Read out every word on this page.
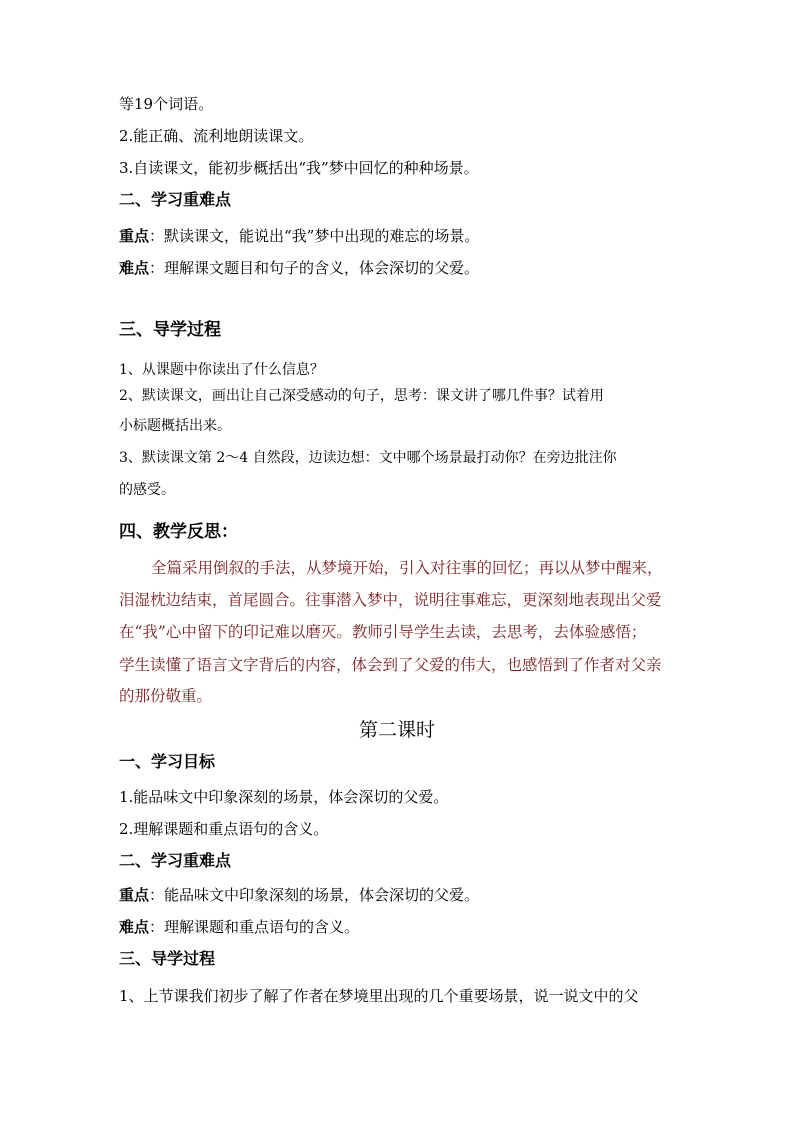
等19个词语。
2.能正确、流利地朗读课文。
3.自读课文，能初步概括出“我”梦中回忆的种种场景。
二、学习重难点
重点：默读课文，能说出“我”梦中出现的难忘的场景。
难点：理解课文题目和句子的含义，体会深切的父爱。
三、导学过程
1、从课题中你读出了什么信息？
2、默读课文，画出让自己深受感动的句子，思考：课文讲了哪几件事？试着用
小标题概括出来。
3、默读课文第 2～4 自然段，边读边想：文中哪个场景最打动你？在旁边批注你
的感受。
四、教学反思：
全篇采用倒叙的手法，从梦境开始，引入对往事的回忆；再以从梦中醒来，
泪湿枕边结束，首尾圆合。往事潜入梦中，说明往事难忘，更深刻地表现出父爱
在“我”心中留下的印记难以磨灭。教师引导学生去读，去思考，去体验感悟；
学生读懂了语言文字背后的内容，体会到了父爱的伟大，也感悟到了作者对父亲
的那份敬重。
第二课时
一、学习目标
1.能品味文中印象深刻的场景，体会深切的父爱。
2.理解课题和重点语句的含义。
二、学习重难点
重点：能品味文中印象深刻的场景，体会深切的父爱。
难点：理解课题和重点语句的含义。
三、导学过程
1、上节课我们初步了解了作者在梦境里出现的几个重要场景，说一说文中的父
